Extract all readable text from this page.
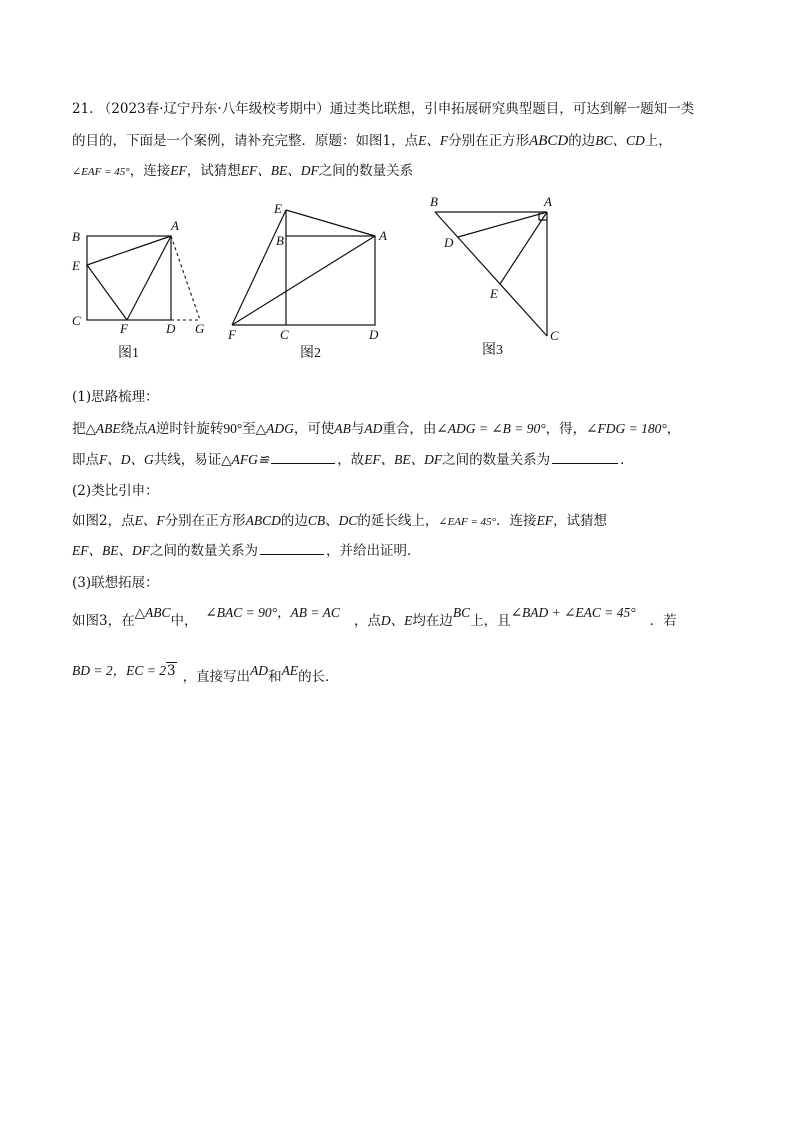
21. （2023春·辽宁丹东·八年级校考期中）通过类比联想，引申拓展研究典型题目，可达到解一题知一类
的目的，下面是一个案例，请补充完整．原题：如图1，点E、F分别在正方形ABCD的边BC、CD上，
∠EAF = 45°，连接EF，试猜想EF、BE、DF之间的数量关系
A
B
E
C
F	D G
图1
E
B	A
F	C	D
图2
A
B
D
E
C
图3
(1)思路梳理：
把△ABE绕点A逆时针旋转90°至△ADG，可使AB与AD重合，由∠ADG = ∠B = 90°，得，∠FDG = 180°，
即点F、D、G共线，易证△AFG≌	，故EF、BE、DF之间的数量关系为	．
(2)类比引申：
如图2，点E、F分别在正方形ABCD的边CB、DC的延长线上，∠EAF = 45°．连接EF，试猜想
EF、BE、DF之间的数量关系为	，并给出证明．
(3)联想拓展：
如图3，在△ABC中，∠BAC = 90°，AB = AC，点D、E均在边BC上，且∠BAD + ∠EAC = 45°．若
BD = 2，EC = 23 ，直接写出AD和AE的长．
